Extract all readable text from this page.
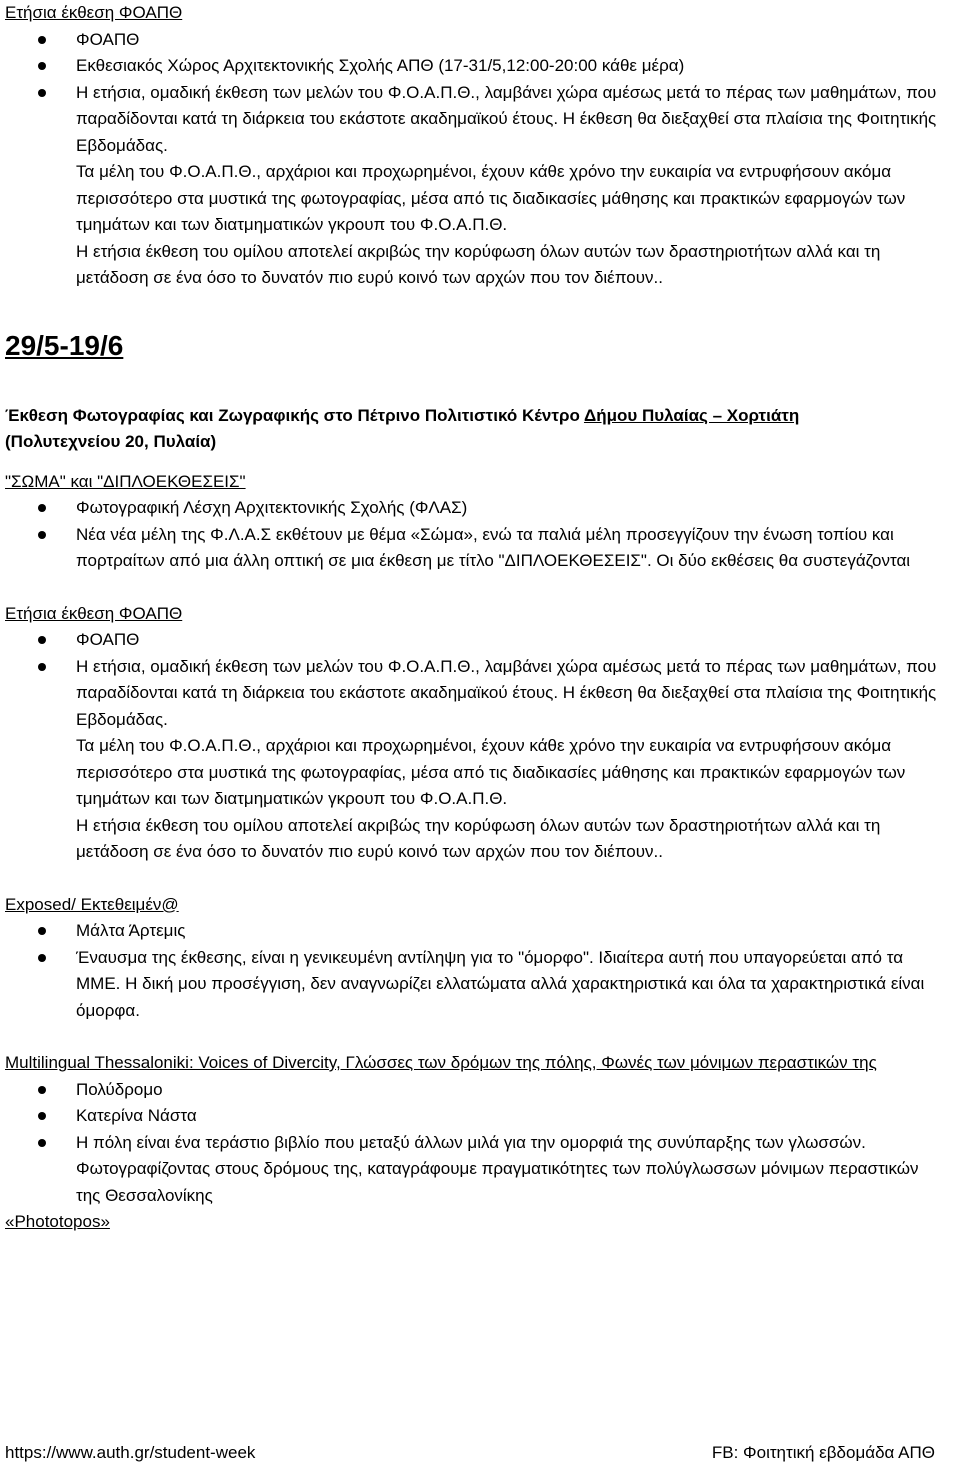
Ετήσια έκθεση ΦΟΑΠΘ
ΦΟΑΠΘ
Εκθεσιακός Χώρος Αρχιτεκτονικής Σχολής ΑΠΘ (17-31/5,12:00-20:00 κάθε μέρα)
Η ετήσια, ομαδική έκθεση των μελών του Φ.Ο.Α.Π.Θ., λαμβάνει χώρα αμέσως μετά το πέρας των μαθημάτων, που παραδίδονται κατά τη διάρκεια του εκάστοτε ακαδημαϊκού έτους. Η έκθεση θα διεξαχθεί στα πλαίσια της Φοιτητικής Εβδομάδας.
Τα μέλη του Φ.Ο.Α.Π.Θ., αρχάριοι και προχωρημένοι, έχουν κάθε χρόνο την ευκαιρία να εντρυφήσουν ακόμα περισσότερο στα μυστικά της φωτογραφίας, μέσα από τις διαδικασίες μάθησης και πρακτικών εφαρμογών των τμημάτων και των διατμηματικών γκρουπ του Φ.Ο.Α.Π.Θ.
Η ετήσια έκθεση του ομίλου αποτελεί ακριβώς την κορύφωση όλων αυτών των δραστηριοτήτων αλλά και τη μετάδοση σε ένα όσο το δυνατόν πιο ευρύ κοινό των αρχών που τον διέπουν..
29/5-19/6
Έκθεση Φωτογραφίας και Ζωγραφικής στο Πέτρινο Πολιτιστικό Κέντρο Δήμου Πυλαίας – Χορτιάτη
(Πολυτεχνείου 20, Πυλαία)
"ΣΩΜΑ" και "ΔΙΠΛΟΕΚΘΕΣΕΙΣ"
Φωτογραφική Λέσχη Αρχιτεκτονικής Σχολής (ΦΛΑΣ)
Νέα νέα μέλη της Φ.Λ.Α.Σ εκθέτουν με θέμα «Σώμα», ενώ τα παλιά μέλη προσεγγίζουν την ένωση τοπίου και πορτραίτων από μια άλλη οπτική σε μια έκθεση με τίτλο "ΔΙΠΛΟΕΚΘΕΣΕΙΣ". Οι δύο εκθέσεις θα συστεγάζονται
Ετήσια έκθεση ΦΟΑΠΘ
ΦΟΑΠΘ
Η ετήσια, ομαδική έκθεση των μελών του Φ.Ο.Α.Π.Θ., λαμβάνει χώρα αμέσως μετά το πέρας των μαθημάτων, που παραδίδονται κατά τη διάρκεια του εκάστοτε ακαδημαϊκού έτους. Η έκθεση θα διεξαχθεί στα πλαίσια της Φοιτητικής Εβδομάδας.
Τα μέλη του Φ.Ο.Α.Π.Θ., αρχάριοι και προχωρημένοι, έχουν κάθε χρόνο την ευκαιρία να εντρυφήσουν ακόμα περισσότερο στα μυστικά της φωτογραφίας, μέσα από τις διαδικασίες μάθησης και πρακτικών εφαρμογών των τμημάτων και των διατμηματικών γκρουπ του Φ.Ο.Α.Π.Θ.
Η ετήσια έκθεση του ομίλου αποτελεί ακριβώς την κορύφωση όλων αυτών των δραστηριοτήτων αλλά και τη μετάδοση σε ένα όσο το δυνατόν πιο ευρύ κοινό των αρχών που τον διέπουν..
Exposed/ Εκτεθειμέν@
Μάλτα Άρτεμις
Έναυσμα της έκθεσης, είναι η γενικευμένη αντίληψη για το "όμορφο". Ιδιαίτερα αυτή που υπαγορεύεται από τα ΜΜΕ. Η δική μου προσέγγιση, δεν αναγνωρίζει ελλατώματα αλλά χαρακτηριστικά και όλα τα χαρακτηριστικά είναι όμορφα.
Multilingual Thessaloniki: Voices of Divercity, Γλώσσες των δρόμων της πόλης, Φωνές των μόνιμων περαστικών της
Πολύδρομο
Κατερίνα Νάστα
Η πόλη είναι ένα τεράστιο βιβλίο που μεταξύ άλλων μιλά για την ομορφιά της συνύπαρξης των γλωσσών. Φωτογραφίζοντας στους δρόμους της, καταγράφουμε πραγματικότητες των πολύγλωσσων μόνιμων περαστικών της Θεσσαλονίκης
«Phototopos»
https://www.auth.gr/student-week	FB: Φοιτητική εβδομάδα ΑΠΘ
